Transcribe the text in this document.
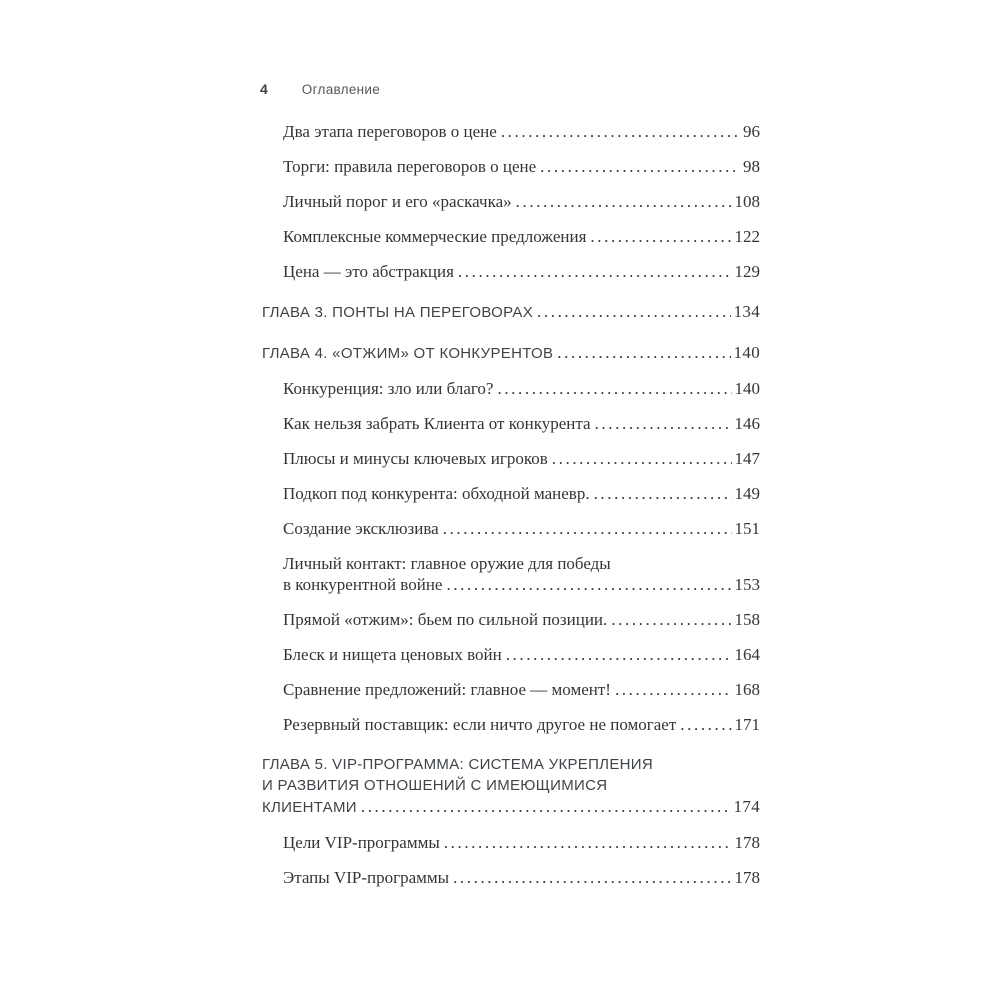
4	Оглавление
Два этапа переговоров о цене .....	96
Торги: правила переговоров о цене .....	98
Личный порог и его «раскачка» .....	108
Комплексные коммерческие предложения .....	122
Цена — это абстракция .....	129
ГЛАВА 3. ПОНТЫ НА ПЕРЕГОВОРАХ .....	134
ГЛАВА 4. «ОТЖИМ» ОТ КОНКУРЕНТОВ .....	140
Конкуренция: зло или благо? .....	140
Как нельзя забрать Клиента от конкурента .....	146
Плюсы и минусы ключевых игроков .....	147
Подкоп под конкурента: обходной маневр. .....	149
Создание эксклюзива .....	151
Личный контакт: главное оружие для победы
в конкурентной войне .....	153
Прямой «отжим»: бьем по сильной позиции. .....	158
Блеск и нищета ценовых войн .....	164
Сравнение предложений: главное — момент! .....	168
Резервный поставщик: если ничто другое не помогает .....	171
ГЛАВА 5. VIP-ПРОГРАММА: СИСТЕМА УКРЕПЛЕНИЯ
И РАЗВИТИЯ ОТНОШЕНИЙ С ИМЕЮЩИМИСЯ
КЛИЕНТАМИ .....	174
Цели VIP-программы .....	178
Этапы VIP-программы .....	178
